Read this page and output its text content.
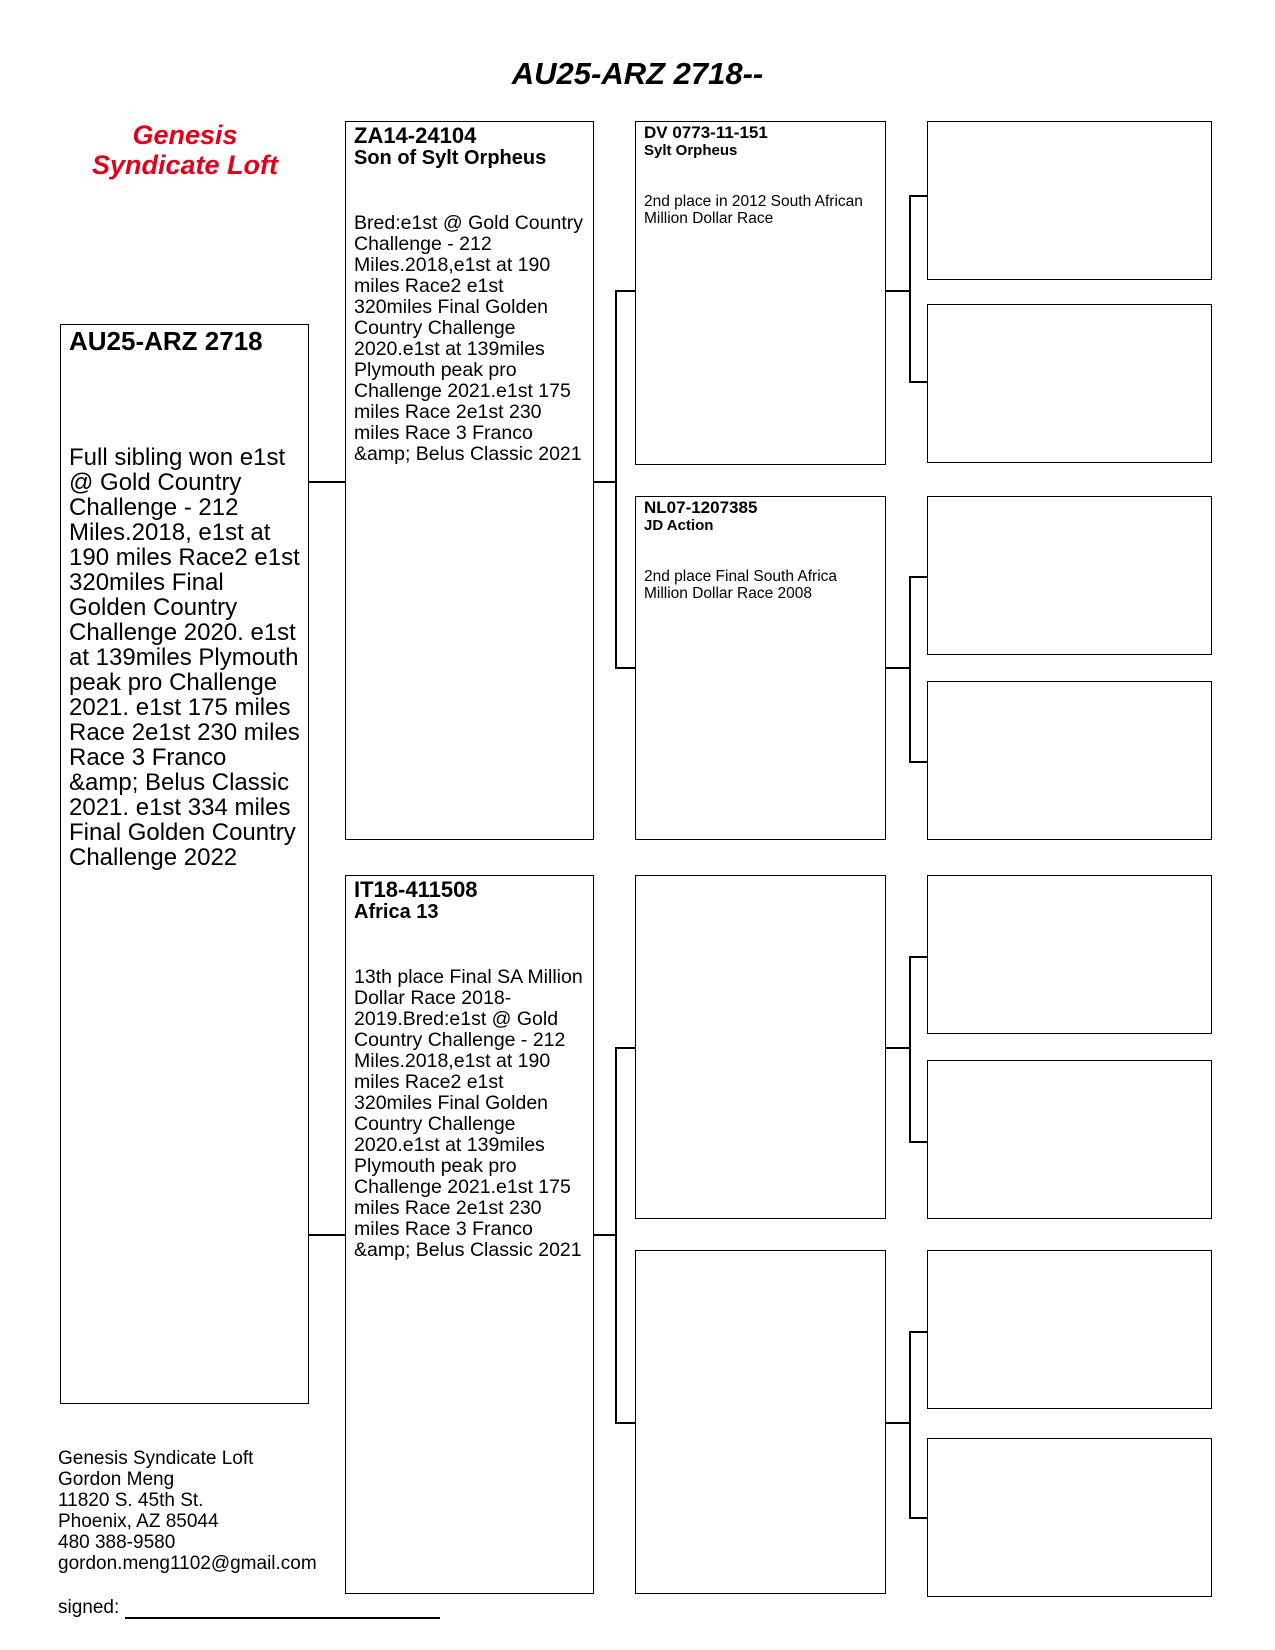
AU25-ARZ 2718--
Genesis
Syndicate Loft
AU25-ARZ 2718
Full sibling won e1st @ Gold Country Challenge - 212 Miles.2018, e1st at 190 miles Race2 e1st 320miles Final Golden Country Challenge 2020. e1st at 139miles Plymouth peak pro Challenge 2021. e1st 175 miles Race 2e1st 230 miles Race 3 Franco &amp; Belus Classic 2021. e1st 334 miles Final Golden Country Challenge 2022
ZA14-24104
Son of Sylt Orpheus
Bred:e1st @ Gold Country Challenge - 212 Miles.2018,e1st at 190 miles Race2 e1st 320miles Final Golden Country Challenge 2020.e1st at 139miles Plymouth peak pro Challenge 2021.e1st 175 miles Race 2e1st 230 miles Race 3 Franco &amp; Belus Classic 2021
IT18-411508
Africa 13
13th place Final SA Million Dollar Race 2018-2019.Bred:e1st @ Gold Country Challenge - 212 Miles.2018,e1st at 190 miles Race2 e1st 320miles Final Golden Country Challenge 2020.e1st at 139miles Plymouth peak pro Challenge 2021.e1st 175 miles Race 2e1st 230 miles Race 3 Franco &amp; Belus Classic 2021
DV 0773-11-151
Sylt Orpheus
2nd place in 2012 South African Million Dollar Race
NL07-1207385
JD Action
2nd place Final South Africa Million Dollar Race 2008
Genesis Syndicate Loft
Gordon Meng
11820 S. 45th St.
Phoenix, AZ 85044
480 388-9580
gordon.meng1102@gmail.com
signed:
